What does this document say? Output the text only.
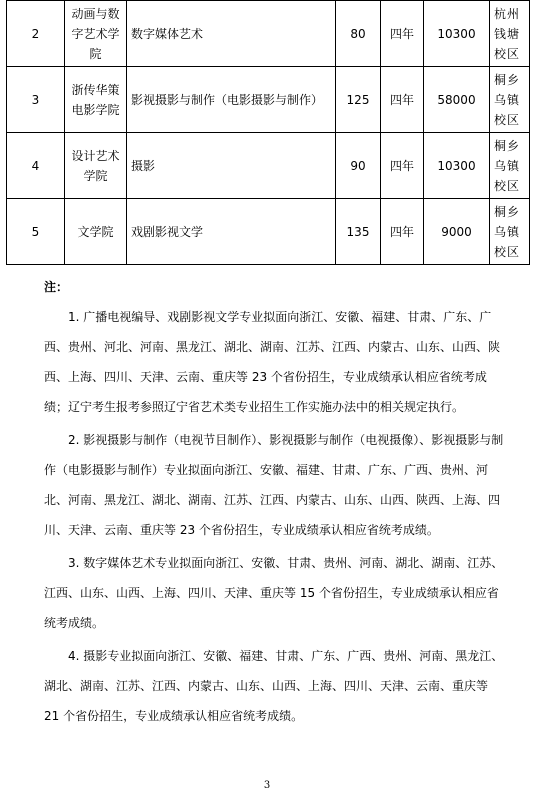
2	动画与数字艺术学院	数字媒体艺术	80	四年	10300	杭州钱塘校区
3	浙传华策电影学院	影视摄影与制作（电影摄影与制作）	125	四年	58000	桐乡乌镇校区
4	设计艺术学院	摄影	90	四年	10300	桐乡乌镇校区
5	文学院	戏剧影视文学	135	四年	9000	桐乡乌镇校区

注：

1. 广播电视编导、戏剧影视文学专业拟面向浙江、安徽、福建、甘肃、广东、广西、贵州、河北、河南、黑龙江、湖北、湖南、江苏、江西、内蒙古、山东、山西、陕西、上海、四川、天津、云南、重庆等 23 个省份招生，专业成绩承认相应省统考成绩；辽宁考生报考参照辽宁省艺术类专业招生工作实施办法中的相关规定执行。

2. 影视摄影与制作（电视节目制作）、影视摄影与制作（电视摄像）、影视摄影与制作（电影摄影与制作）专业拟面向浙江、安徽、福建、甘肃、广东、广西、贵州、河北、河南、黑龙江、湖北、湖南、江苏、江西、内蒙古、山东、山西、陕西、上海、四川、天津、云南、重庆等 23 个省份招生，专业成绩承认相应省统考成绩。

3. 数字媒体艺术专业拟面向浙江、安徽、甘肃、贵州、河南、湖北、湖南、江苏、江西、山东、山西、上海、四川、天津、重庆等 15 个省份招生，专业成绩承认相应省统考成绩。

4. 摄影专业拟面向浙江、安徽、福建、甘肃、广东、广西、贵州、河南、黑龙江、湖北、湖南、江苏、江西、内蒙古、山东、山西、上海、四川、天津、云南、重庆等 21 个省份招生，专业成绩承认相应省统考成绩。

3
